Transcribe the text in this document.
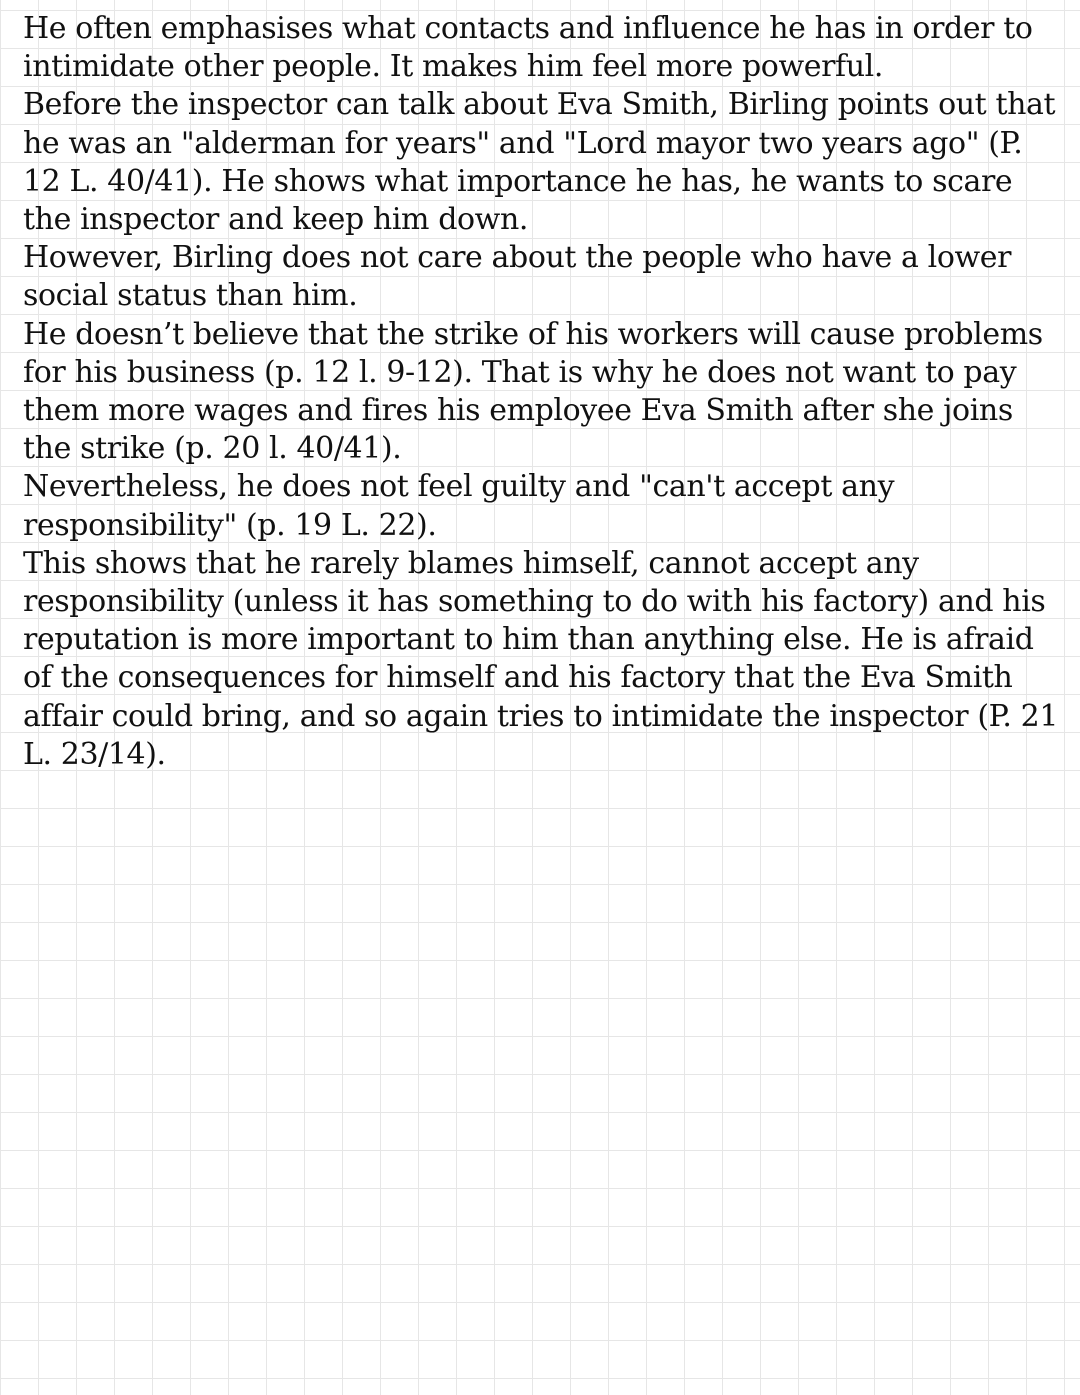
He often emphasises what contacts and influence he has in order to intimidate other people. It makes him feel more powerful.

Before the inspector can talk about Eva Smith, Birling points out that he was an "alderman for years" and "Lord mayor two years ago" (P. 12 L. 40/41). He shows what importance he has, he wants to scare the inspector and keep him down.

However, Birling does not care about the people who have a lower social status than him.

He doesn’t believe that the strike of his workers will cause problems for his business (p. 12 l. 9-12). That is why he does not want to pay them more wages and fires his employee Eva Smith after she joins the strike (p. 20 l. 40/41).

Nevertheless, he does not feel guilty and "can't accept any responsibility" (p. 19 L. 22).

This shows that he rarely blames himself, cannot accept any responsibility (unless it has something to do with his factory) and his reputation is more important to him than anything else. He is afraid of the consequences for himself and his factory that the Eva Smith affair could bring, and so again tries to intimidate the inspector (P. 21 L. 23/14).
